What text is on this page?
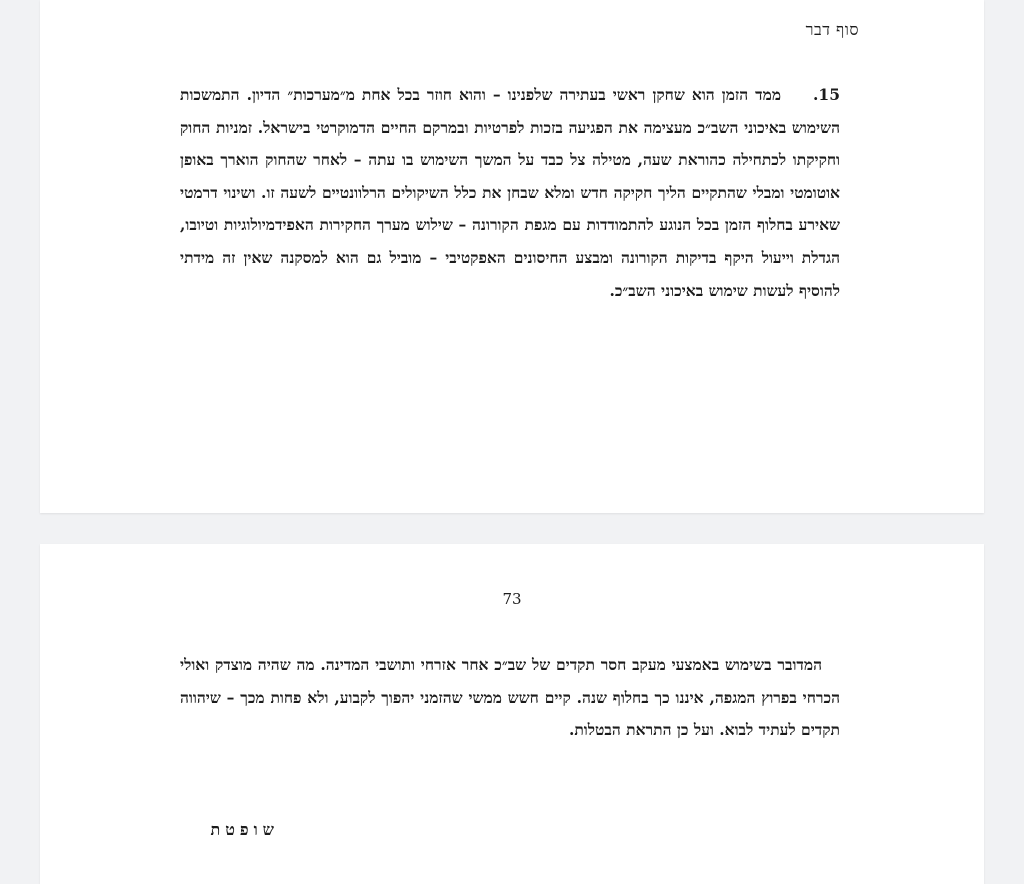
סוף דבר
15.ממד הזמן הוא שחקן ראשי בעתירה שלפנינו – והוא חוזר בכל אחת מ״מערכות״ הדיון. התמשכות השימוש באיכוני השב״כ מעצימה את הפגיעה בזכות לפרטיות ובמרקם החיים הדמוקרטי בישראל. זמניות החוק וחקיקתו לכתחילה כהוראת שעה, מטילה צל כבד על המשך השימוש בו עתה – לאחר שהחוק הוארך באופן אוטומטי ומבלי שהתקיים הליך חקיקה חדש ומלא שבחן את כלל השיקולים הרלוונטיים לשעה זו. ושינוי דרמטי שאירע בחלוף הזמן בכל הנוגע להתמודדות עם מגפת הקורונה – שילוש מערך החקירות האפידמיולוגיות וטיובו, הגדלת וייעול היקף בדיקות הקורונה ומבצע החיסונים האפקטיבי – מוביל גם הוא למסקנה שאין זה מידתי להוסיף לעשות שימוש באיכוני השב״כ.
73
המדובר בשימוש באמצעי מעקב חסר תקדים של שב״כ אחר אזרחי ותושבי המדינה. מה שהיה מוצדק ואולי הכרחי בפרוץ המגפה, איננו כך בחלוף שנה. קיים חשש ממשי שהזמני יהפוך לקבוע, ולא פחות מכך – שיהווה תקדים לעתיד לבוא. ועל כן התראת הבטלות.
שופטת
